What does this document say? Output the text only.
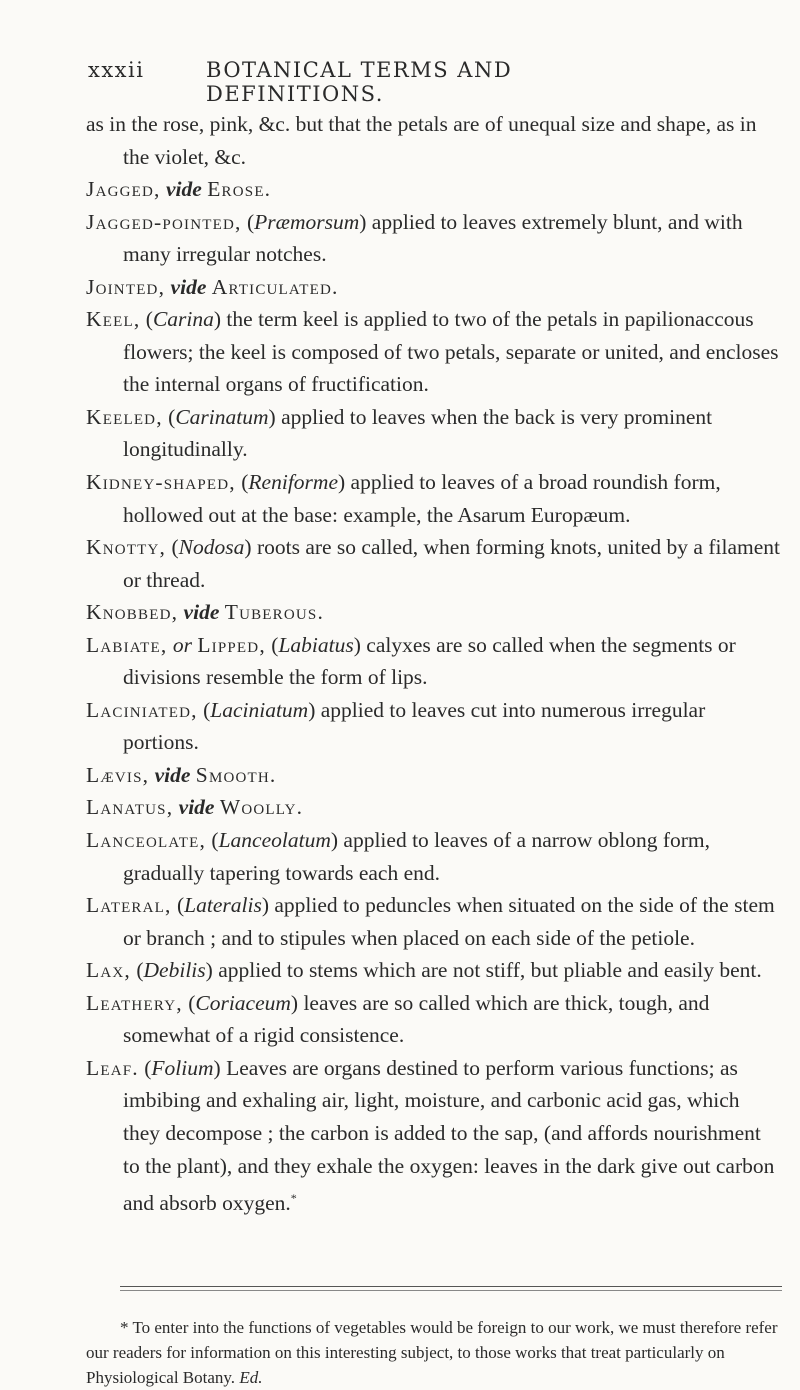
xxxii	BOTANICAL TERMS AND DEFINITIONS.

as in the rose, pink, &c. but that the petals are of unequal size and shape, as in the violet, &c.

Jagged, vide Erose.

Jagged-pointed, (Præmorsum) applied to leaves extremely blunt, and with many irregular notches.

Jointed, vide Articulated.

Keel, (Carina) the term keel is applied to two of the petals in papilionaccous flowers; the keel is composed of two petals, separate or united, and encloses the internal organs of fructification.

Keeled, (Carinatum) applied to leaves when the back is very prominent longitudinally.

Kidney-shaped, (Reniforme) applied to leaves of a broad roundish form, hollowed out at the base: example, the Asarum Europæum.

Knotty, (Nodosa) roots are so called, when forming knots, united by a filament or thread.

Knobbed, vide Tuberous.

Labiate, or Lipped, (Labiatus) calyxes are so called when the segments or divisions resemble the form of lips.

Laciniated, (Laciniatum) applied to leaves cut into numerous irregular portions.

Lævis, vide Smooth.

Lanatus, vide Woolly.

Lanceolate, (Lanceolatum) applied to leaves of a narrow oblong form, gradually tapering towards each end.

Lateral, (Lateralis) applied to peduncles when situated on the side of the stem or branch ; and to stipules when placed on each side of the petiole.

Lax, (Debilis) applied to stems which are not stiff, but pliable and easily bent.

Leathery, (Coriaceum) leaves are so called which are thick, tough, and somewhat of a rigid consistence.

Leaf. (Folium) Leaves are organs destined to perform various functions; as imbibing and exhaling air, light, moisture, and carbonic acid gas, which they decompose ; the carbon is added to the sap, (and affords nourishment to the plant), and they exhale the oxygen: leaves in the dark give out carbon and absorb oxygen.*

* To enter into the functions of vegetables would be foreign to our work, we must therefore refer our readers for information on this interesting subject, to those works that treat particularly on Physiological Botany. Ed.
